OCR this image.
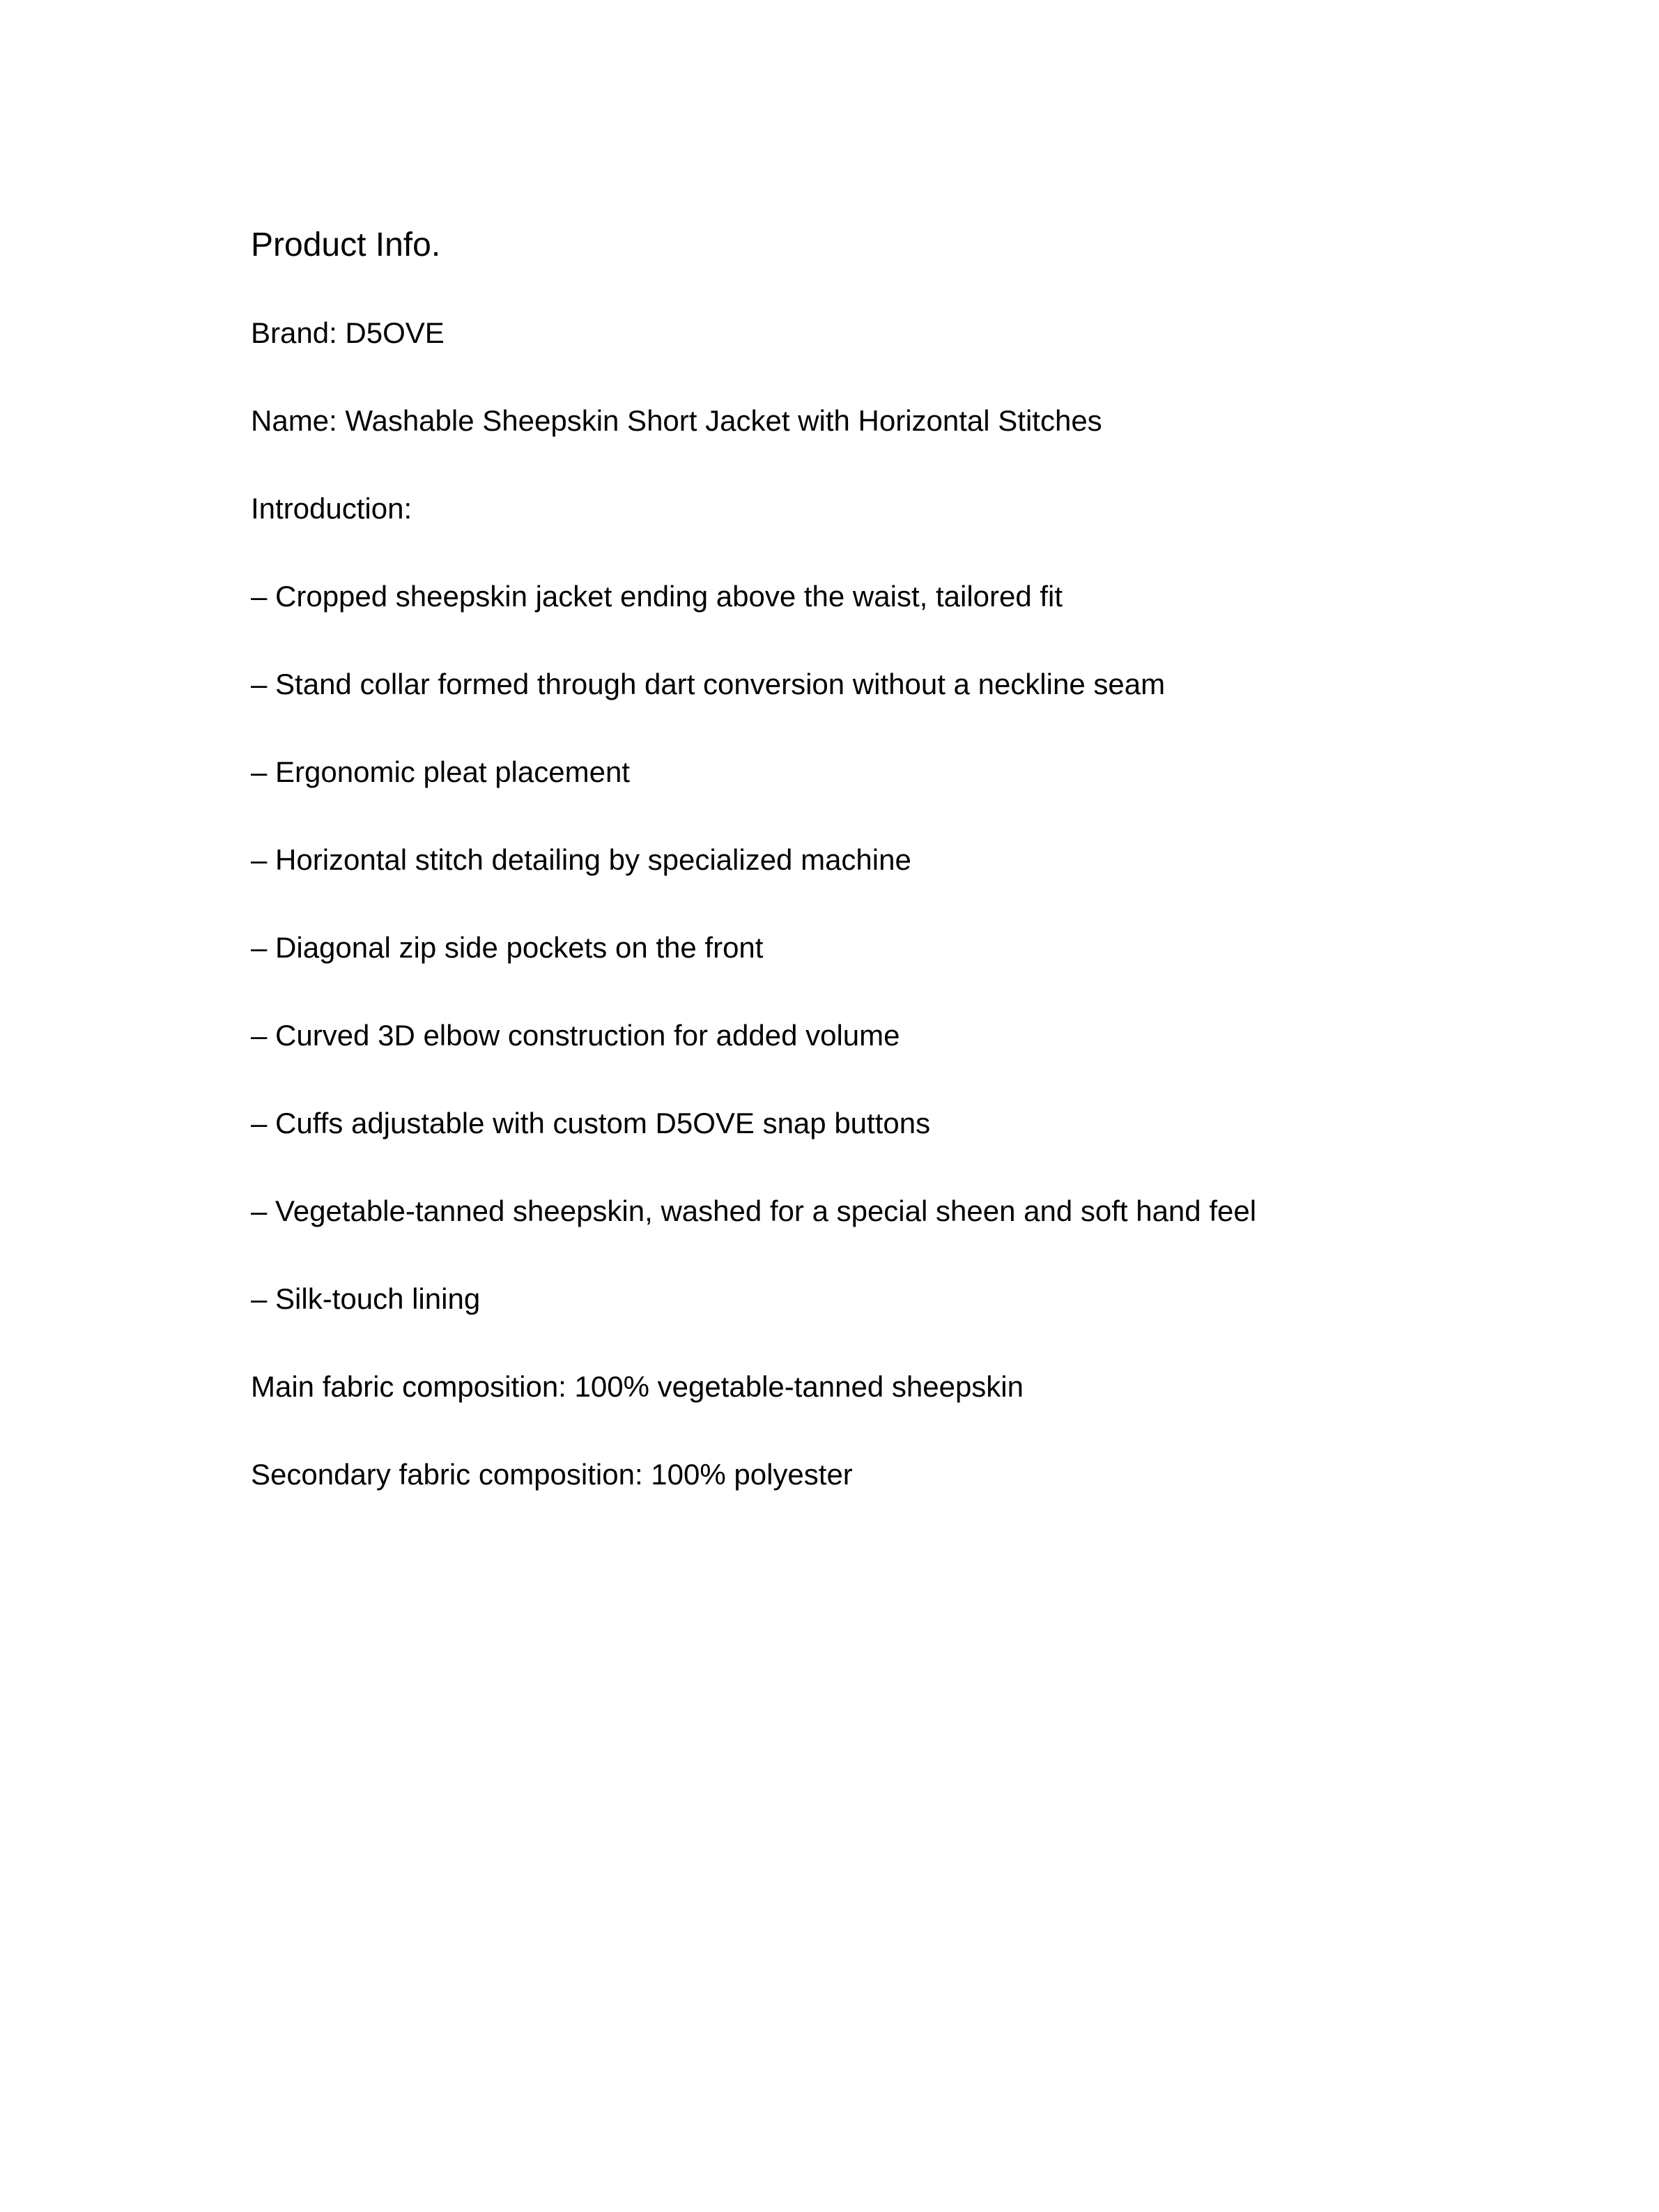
Product Info.

Brand: D5OVE

Name: Washable Sheepskin Short Jacket with Horizontal Stitches

Introduction:

– Cropped sheepskin jacket ending above the waist, tailored fit

– Stand collar formed through dart conversion without a neckline seam

– Ergonomic pleat placement

– Horizontal stitch detailing by specialized machine

– Diagonal zip side pockets on the front

– Curved 3D elbow construction for added volume

– Cuffs adjustable with custom D5OVE snap buttons

– Vegetable-tanned sheepskin, washed for a special sheen and soft hand feel

– Silk-touch lining

Main fabric composition: 100% vegetable-tanned sheepskin

Secondary fabric composition: 100% polyester
